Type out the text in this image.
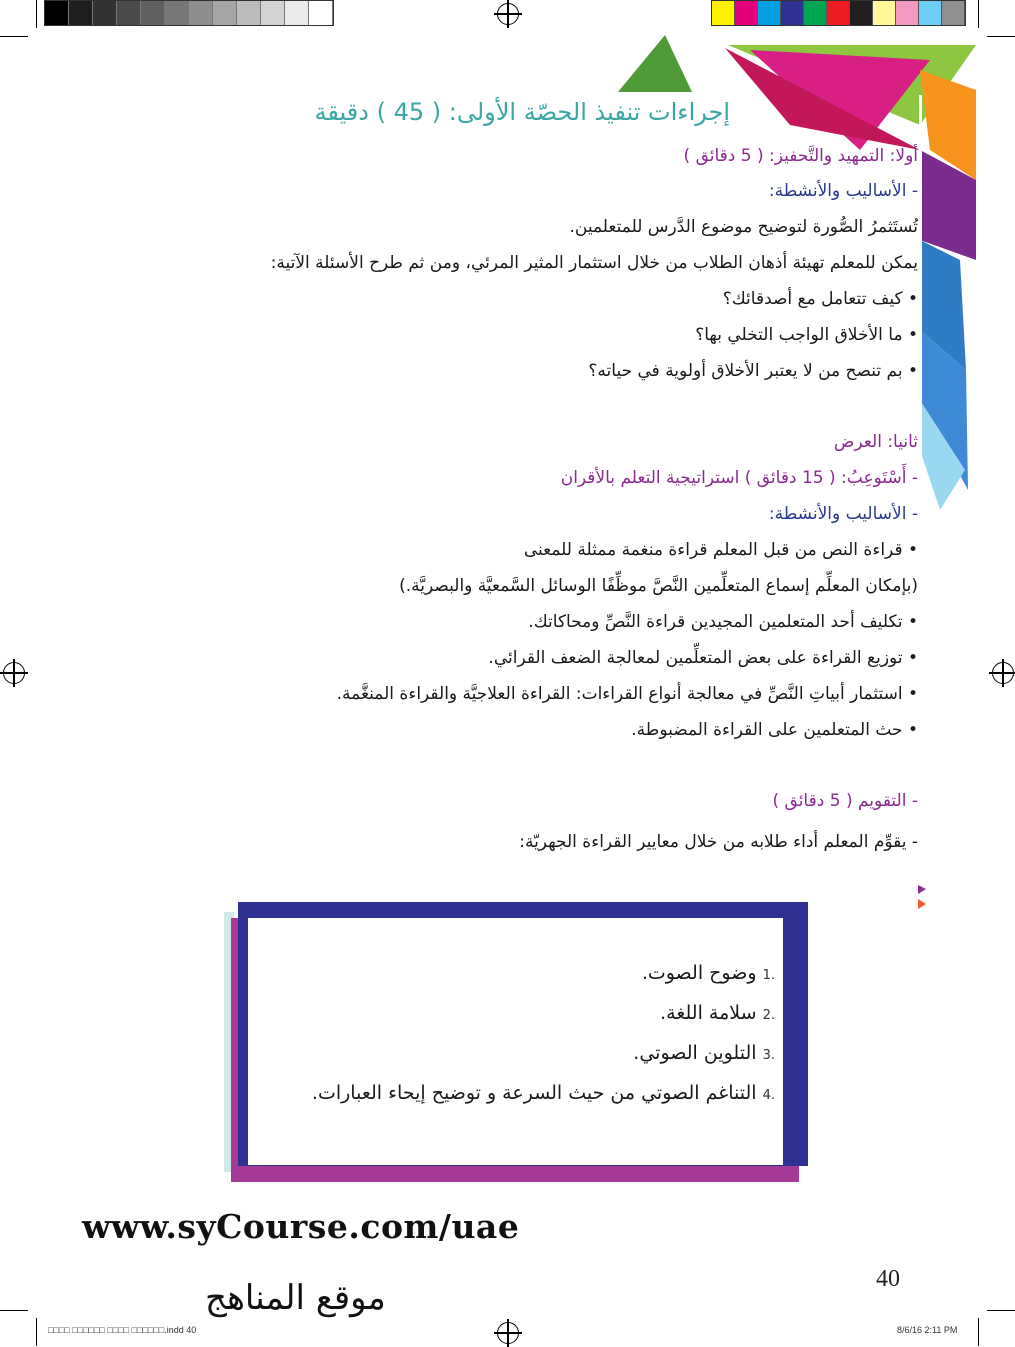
إجراءات تنفيذ الحصّة الأولى: ( 45 ) دقيقة
أولا: التمهيد والتَّحفيز: ( 5 دقائق )
- الأساليب والأنشطة:
تُستَثمرُ الصُّورة لتوضيح موضوع الدَّرس للمتعلمين.
يمكن للمعلم تهيئة أذهان الطلاب من خلال استثمار المثير المرئي، ومن ثم طرح الأسئلة الآتية:
• كيف تتعامل مع أصدقائك؟
• ما الأخلاق الواجب التخلي بها؟
• بم تنصح من لا يعتبر الأخلاق أولوية في حياته؟
ثانيا: العرض
- أَسْتَوعِبُ: ( 15 دقائق ) استراتيجية التعلم بالأقران
- الأساليب والأنشطة:
• قراءة النص من قبل المعلم قراءة منغمة ممثلة للمعنى
(بإمكان المعلِّم إسماع المتعلِّمين النَّصَّ موظِّفًا الوسائل السَّمعيَّة والبصريَّة.)
• تكليف أحد المتعلمين المجيدين قراءة النَّصِّ ومحاكاتك.
• توزيع القراءة على بعض المتعلِّمين لمعالجة الضعف القرائي.
• استثمار أبياتِ النَّصِّ في معالجة أنواع القراءات: القراءة العلاجيَّة والقراءة المنغَّمة.
• حث المتعلمين على القراءة المضبوطة.
- التقويم ( 5 دقائق )
- يقوِّم المعلم أداء طلابه من خلال معايير القراءة الجهريّة:
.1 وضوح الصوت.
.2 سلامة اللغة.
.3 التلوين الصوتي.
.4 التناغم الصوتي من حيث السرعة و توضيح إيحاء العبارات.
www.syCourse.com/uae
40
موقع المناهج
□□□□ □□□□□□ □□□□ □□□□□□.indd 40	8/6/16 2:11 PM
